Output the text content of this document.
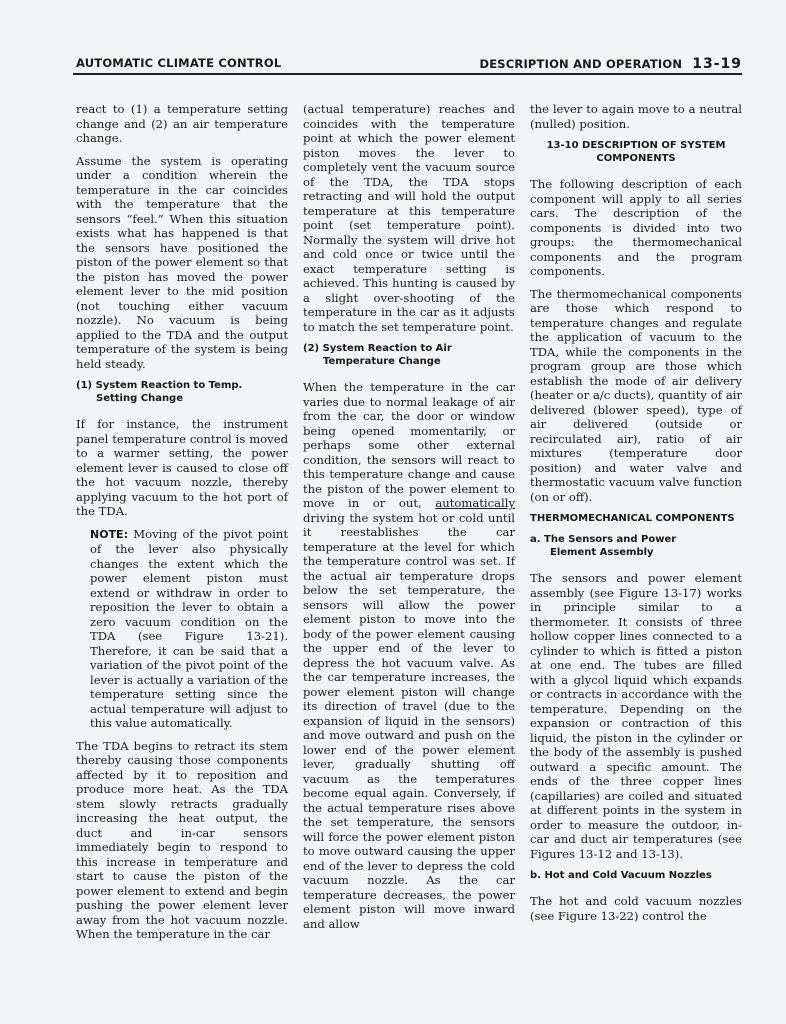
AUTOMATIC CLIMATE CONTROL	DESCRIPTION AND OPERATION 13-19

react to (1) a temperature setting change and (2) an air temperature change.

Assume the system is operating under a condition wherein the temperature in the car coincides with the temperature that the sensors “feel.” When this situation exists what has happened is that the sensors have positioned the piston of the power element so that the piston has moved the power element lever to the mid position (not touching either vacuum nozzle). No vacuum is being applied to the TDA and the output temperature of the system is being held steady.

(1) System Reaction to Temp.
Setting Change

If for instance, the instrument panel temperature control is moved to a warmer setting, the power element lever is caused to close off the hot vacuum nozzle, thereby applying vacuum to the hot port of the TDA.

NOTE: Moving of the pivot point of the lever also physically changes the extent which the power element piston must extend or withdraw in order to reposition the lever to obtain a zero vacuum condition on the TDA (see Figure 13-21). Therefore, it can be said that a variation of the pivot point of the lever is actually a variation of the temperature setting since the actual temperature will adjust to this value automatically.

The TDA begins to retract its stem thereby causing those components affected by it to reposition and produce more heat. As the TDA stem slowly retracts gradually increasing the heat output, the duct and in-car sensors immediately begin to respond to this increase in temperature and start to cause the piston of the power element to extend and begin pushing the power element lever away from the hot vacuum nozzle. When the temperature in the car

(actual temperature) reaches and coincides with the temperature point at which the power element piston moves the lever to completely vent the vacuum source of the TDA, the TDA stops retracting and will hold the output temperature at this temperature point (set temperature point). Normally the system will drive hot and cold once or twice until the exact temperature setting is achieved. This hunting is caused by a slight over-shooting of the temperature in the car as it adjusts to match the set temperature point.

(2) System Reaction to Air
Temperature Change

When the temperature in the car varies due to normal leakage of air from the car, the door or window being opened momentarily, or perhaps some other external condition, the sensors will react to this temperature change and cause the piston of the power element to move in or out, automatically driving the system hot or cold until it reestablishes the car temperature at the level for which the temperature control was set. If the actual air temperature drops below the set temperature, the sensors will allow the power element piston to move into the body of the power element causing the upper end of the lever to depress the hot vacuum valve. As the car temperature increases, the power element piston will change its direction of travel (due to the expansion of liquid in the sensors) and move outward and push on the lower end of the power element lever, gradually shutting off vacuum as the temperatures become equal again. Conversely, if the actual temperature rises above the set temperature, the sensors will force the power element piston to move outward causing the upper end of the lever to depress the cold vacuum nozzle. As the car temperature decreases, the power element piston will move inward and allow

the lever to again move to a neutral (nulled) position.

13-10 DESCRIPTION OF SYSTEM
COMPONENTS

The following description of each component will apply to all series cars. The description of the components is divided into two groups: the thermomechanical components and the program components.

The thermomechanical components are those which respond to temperature changes and regulate the application of vacuum to the TDA, while the components in the program group are those which establish the mode of air delivery (heater or a/c ducts), quantity of air delivered (blower speed), type of air delivered (outside or recirculated air), ratio of air mixtures (temperature door position) and water valve and thermostatic vacuum valve function (on or off).

THERMOMECHANICAL COMPONENTS
a. The Sensors and Power
Element Assembly

The sensors and power element assembly (see Figure 13-17) works in principle similar to a thermometer. It consists of three hollow copper lines connected to a cylinder to which is fitted a piston at one end. The tubes are filled with a glycol liquid which expands or contracts in accordance with the temperature. Depending on the expansion or contraction of this liquid, the piston in the cylinder or the body of the assembly is pushed outward a specific amount. The ends of the three copper lines (capillaries) are coiled and situated at different points in the system in order to measure the outdoor, in-car and duct air temperatures (see Figures 13-12 and 13-13).

b. Hot and Cold Vacuum Nozzles

The hot and cold vacuum nozzles (see Figure 13-22) control the
